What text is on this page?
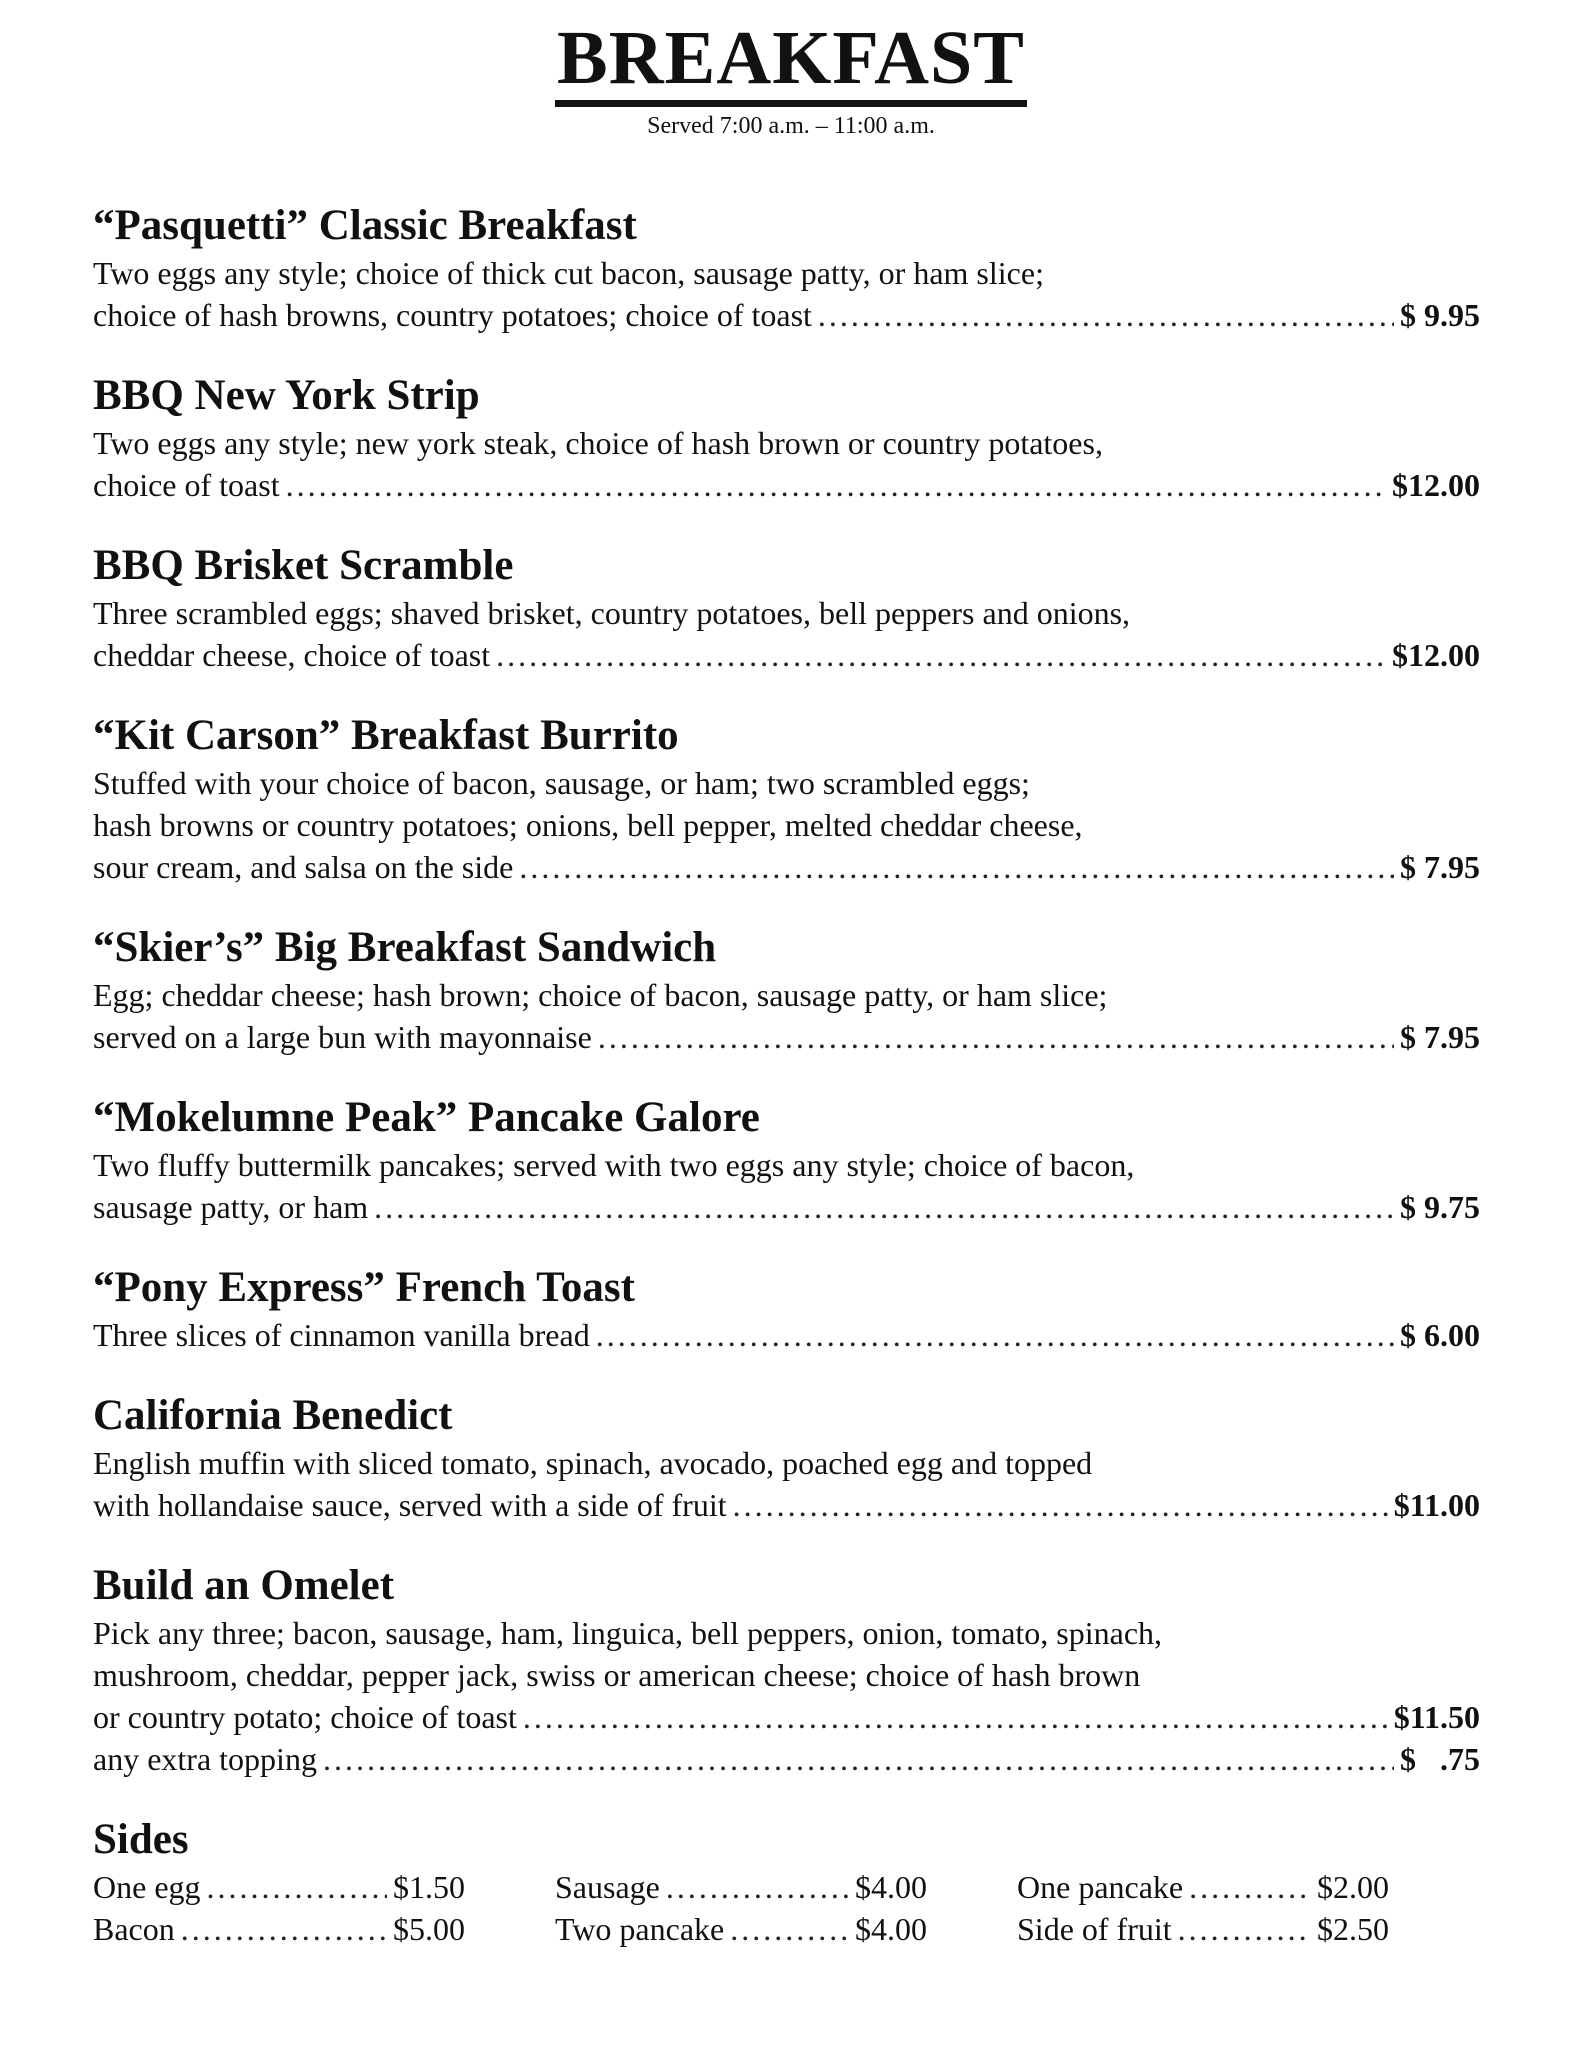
BREAKFAST
Served 7:00 a.m. – 11:00 a.m.
“Pasquetti” Classic Breakfast
Two eggs any style; choice of thick cut bacon, sausage patty, or ham slice;
choice of hash browns, country potatoes; choice of toast .....	$ 9.95
BBQ New York Strip
Two eggs any style; new york steak, choice of hash brown or country potatoes,
choice of toast .....	$12.00
BBQ Brisket Scramble
Three scrambled eggs; shaved brisket, country potatoes, bell peppers and onions,
cheddar cheese, choice of toast .....	$12.00
“Kit Carson” Breakfast Burrito
Stuffed with your choice of bacon, sausage, or ham; two scrambled eggs;
hash browns or country potatoes; onions, bell pepper, melted cheddar cheese,
sour cream, and salsa on the side .....	$ 7.95
“Skier’s” Big Breakfast Sandwich
Egg; cheddar cheese; hash brown; choice of bacon, sausage patty, or ham slice;
served on a large bun with mayonnaise .....	$ 7.95
“Mokelumne Peak” Pancake Galore
Two fluffy buttermilk pancakes; served with two eggs any style; choice of bacon,
sausage patty, or ham .....	$ 9.75
“Pony Express” French Toast
Three slices of cinnamon vanilla bread .....	$ 6.00
California Benedict
English muffin with sliced tomato, spinach, avocado, poached egg and topped
with hollandaise sauce, served with a side of fruit .....	$11.00
Build an Omelet
Pick any three; bacon, sausage, ham, linguica, bell peppers, onion, tomato, spinach,
mushroom, cheddar, pepper jack, swiss or american cheese; choice of hash brown
or country potato; choice of toast .....	$11.50
any extra topping .....	$   .75
Sides
One egg .....	$1.50	Sausage .....	$4.00	One pancake .....	$2.00
Bacon .....	$5.00	Two pancake .....	$4.00	Side of fruit .....	$2.50
